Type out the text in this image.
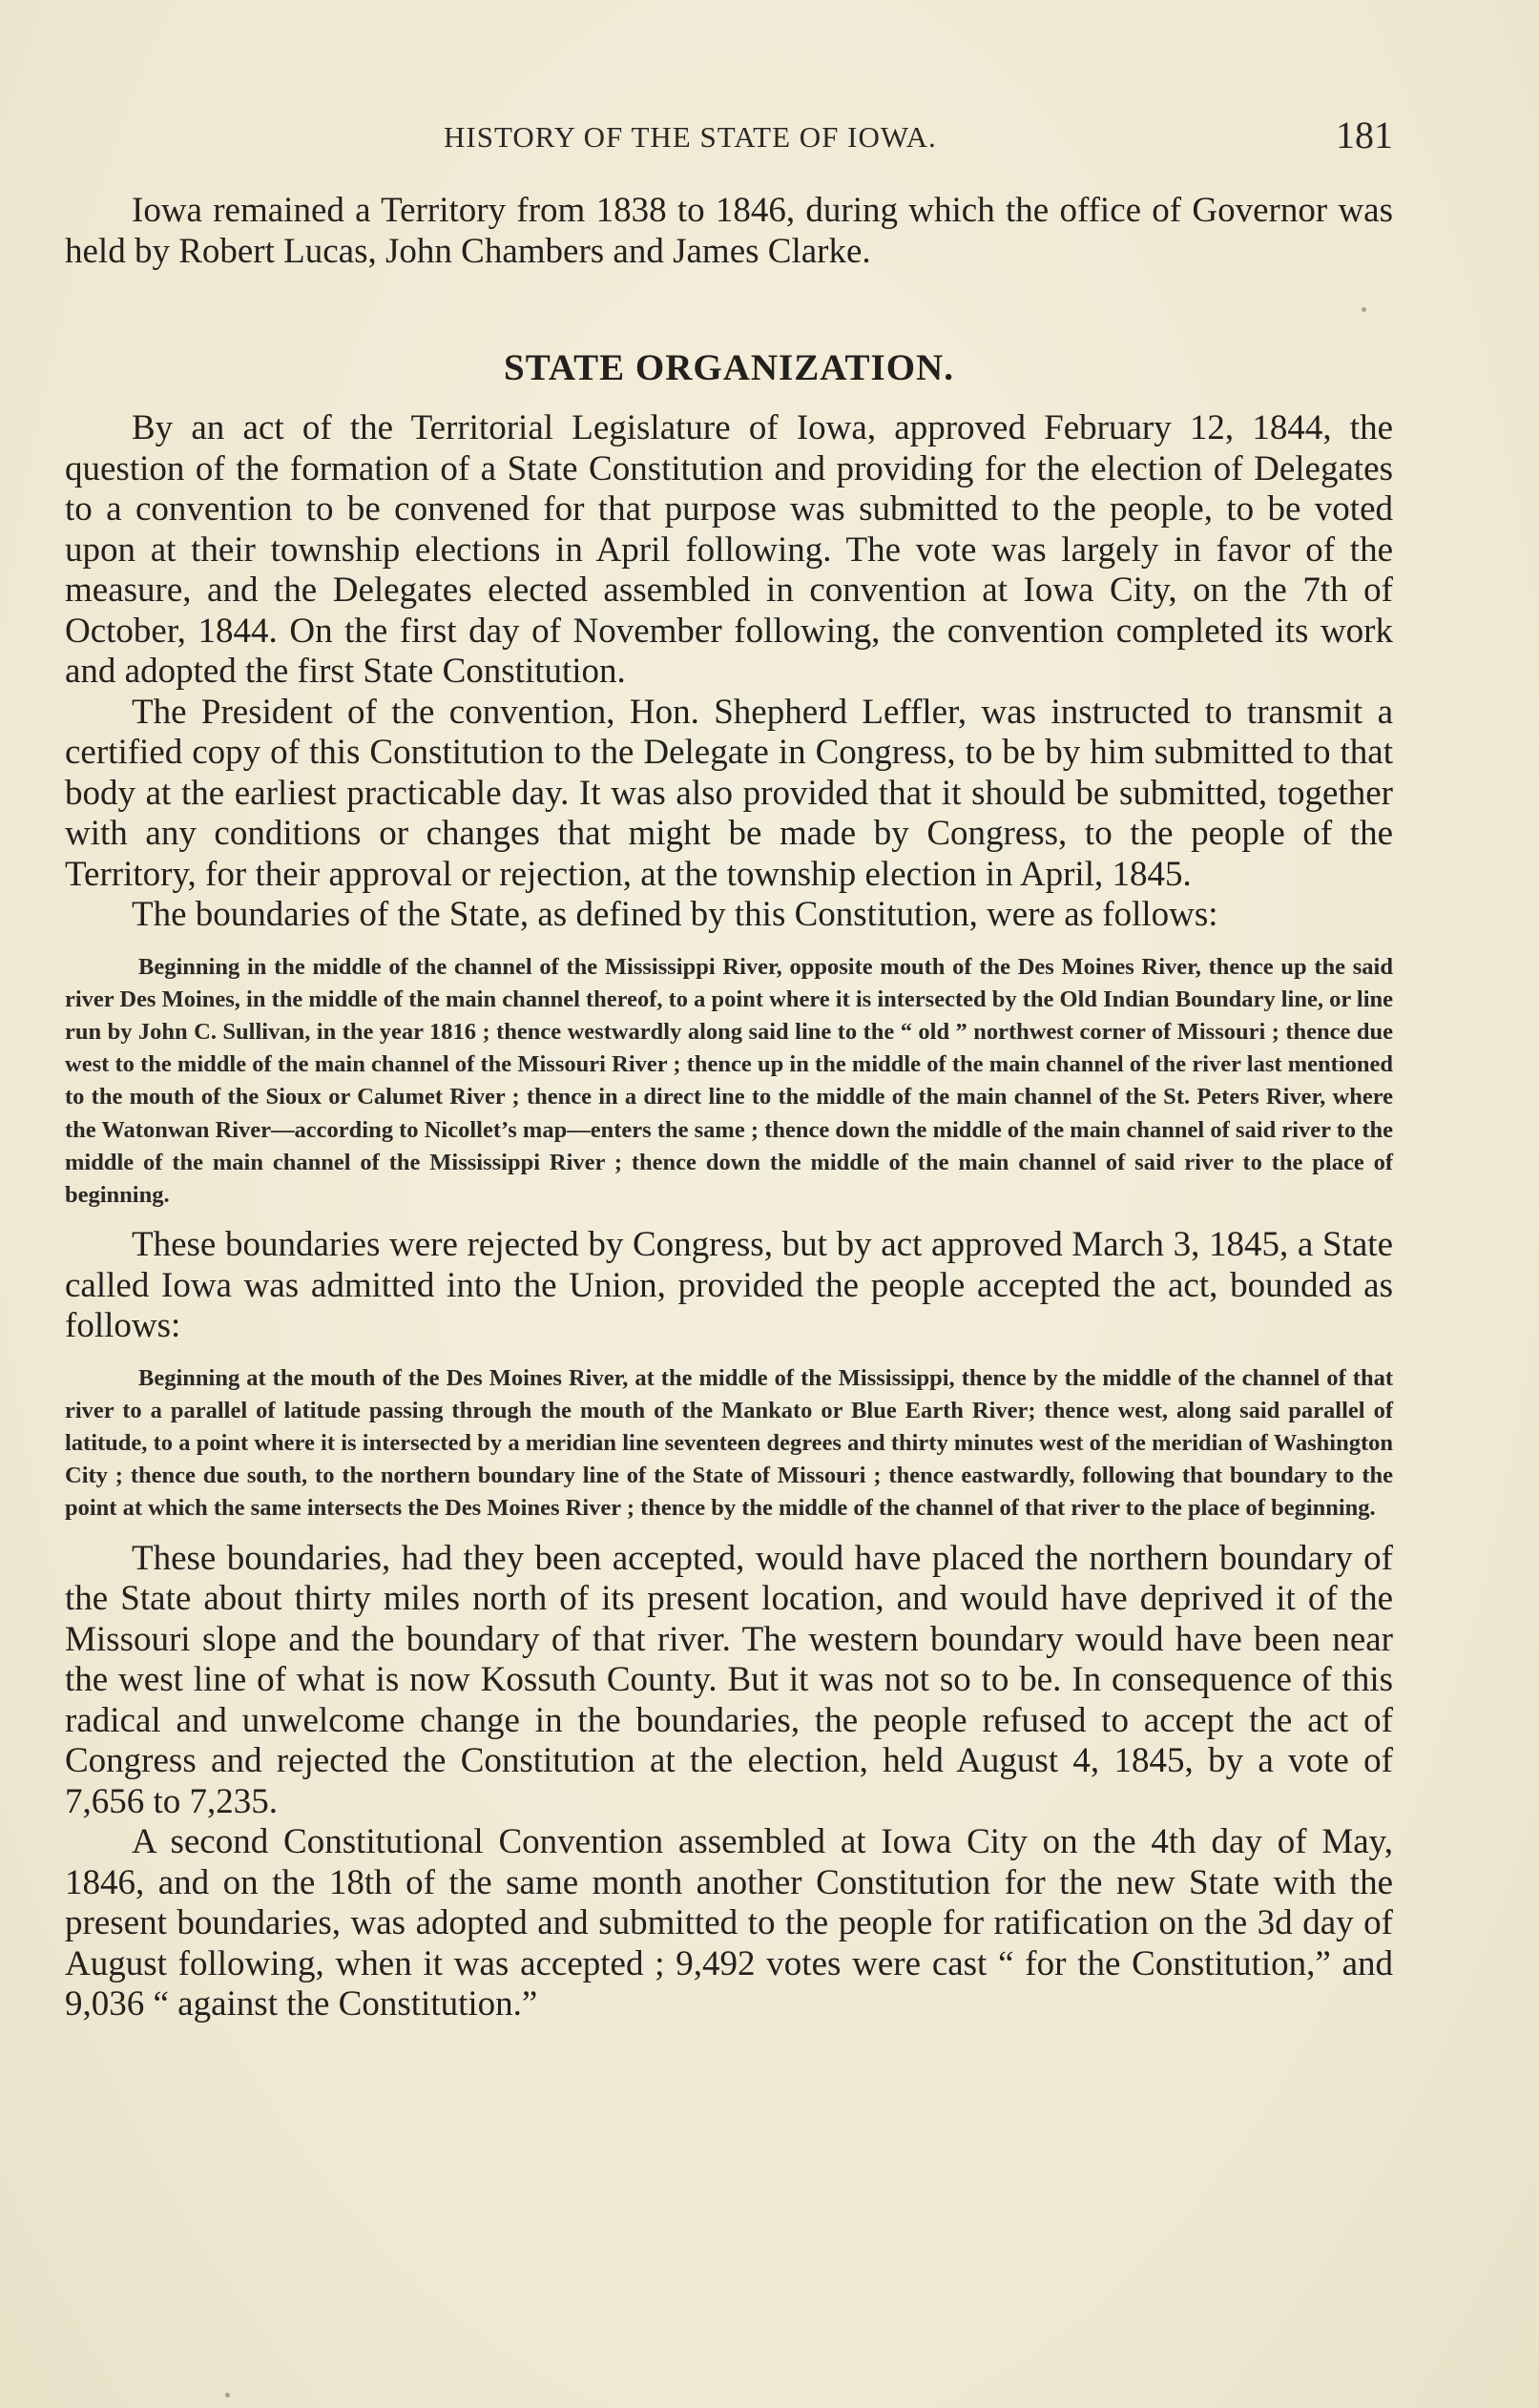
HISTORY OF THE STATE OF IOWA.	181

Iowa remained a Territory from 1838 to 1846, during which the office of Governor was held by Robert Lucas, John Chambers and James Clarke.

STATE ORGANIZATION.

By an act of the Territorial Legislature of Iowa, approved February 12, 1844, the question of the formation of a State Constitution and providing for the election of Delegates to a convention to be convened for that purpose was submitted to the people, to be voted upon at their township elections in April following. The vote was largely in favor of the measure, and the Delegates elected assembled in convention at Iowa City, on the 7th of October, 1844. On the first day of November following, the convention completed its work and adopted the first State Constitution.

The President of the convention, Hon. Shepherd Leffler, was instructed to transmit a certified copy of this Constitution to the Delegate in Congress, to be by him submitted to that body at the earliest practicable day. It was also provided that it should be submitted, together with any conditions or changes that might be made by Congress, to the people of the Territory, for their approval or rejection, at the township election in April, 1845.

The boundaries of the State, as defined by this Constitution, were as follows:

Beginning in the middle of the channel of the Mississippi River, opposite mouth of the Des Moines River, thence up the said river Des Moines, in the middle of the main channel thereof, to a point where it is intersected by the Old Indian Boundary line, or line run by John C. Sullivan, in the year 1816 ; thence westwardly along said line to the “ old ” northwest corner of Missouri ; thence due west to the middle of the main channel of the Missouri River ; thence up in the middle of the main channel of the river last mentioned to the mouth of the Sioux or Calumet River ; thence in a direct line to the middle of the main channel of the St. Peters River, where the Watonwan River—according to Nicollet’s map—enters the same ; thence down the middle of the main channel of said river to the middle of the main channel of the Mississippi River ; thence down the middle of the main channel of said river to the place of beginning.

These boundaries were rejected by Congress, but by act approved March 3, 1845, a State called Iowa was admitted into the Union, provided the people accepted the act, bounded as follows:

Beginning at the mouth of the Des Moines River, at the middle of the Mississippi, thence by the middle of the channel of that river to a parallel of latitude passing through the mouth of the Mankato or Blue Earth River; thence west, along said parallel of latitude, to a point where it is intersected by a meridian line seventeen degrees and thirty minutes west of the meridian of Washington City ; thence due south, to the northern boundary line of the State of Missouri ; thence eastwardly, following that boundary to the point at which the same intersects the Des Moines River ; thence by the middle of the channel of that river to the place of beginning.

These boundaries, had they been accepted, would have placed the northern boundary of the State about thirty miles north of its present location, and would have deprived it of the Missouri slope and the boundary of that river. The western boundary would have been near the west line of what is now Kossuth County. But it was not so to be. In consequence of this radical and unwelcome change in the boundaries, the people refused to accept the act of Congress and rejected the Constitution at the election, held August 4, 1845, by a vote of 7,656 to 7,235.

A second Constitutional Convention assembled at Iowa City on the 4th day of May, 1846, and on the 18th of the same month another Constitution for the new State with the present boundaries, was adopted and submitted to the people for ratification on the 3d day of August following, when it was accepted ; 9,492 votes were cast “ for the Constitution,” and 9,036 “ against the Constitution.”
